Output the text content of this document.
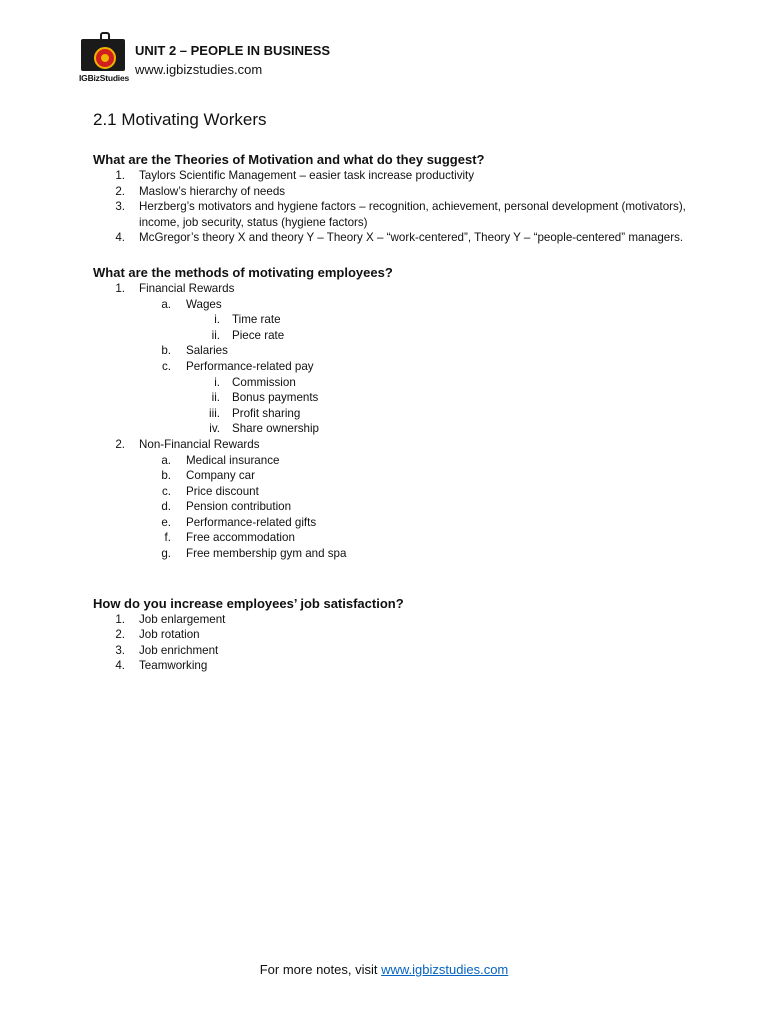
IGBizStudies
UNIT 2 – PEOPLE IN BUSINESS
www.igbizstudies.com
2.1 Motivating Workers

What are the Theories of Motivation and what do they suggest?

1. Taylors Scientific Management – easier task increase productivity
2. Maslow’s hierarchy of needs
3. Herzberg’s motivators and hygiene factors – recognition, achievement, personal development (motivators), income, job security, status (hygiene factors)
4. McGregor’s theory X and theory Y – Theory X – “work-centered”, Theory Y – “people-centered” managers.

What are the methods of motivating employees?

1. Financial Rewards
a. Wages
i. Time rate
ii. Piece rate
b. Salaries
c. Performance-related pay
i. Commission
ii. Bonus payments
iii. Profit sharing
iv. Share ownership
2. Non-Financial Rewards
a. Medical insurance
b. Company car
c. Price discount
d. Pension contribution
e. Performance-related gifts
f. Free accommodation
g. Free membership gym and spa

How do you increase employees’ job satisfaction?

1. Job enlargement
2. Job rotation
3. Job enrichment
4. Teamworking
For more notes, visit www.igbizstudies.com
